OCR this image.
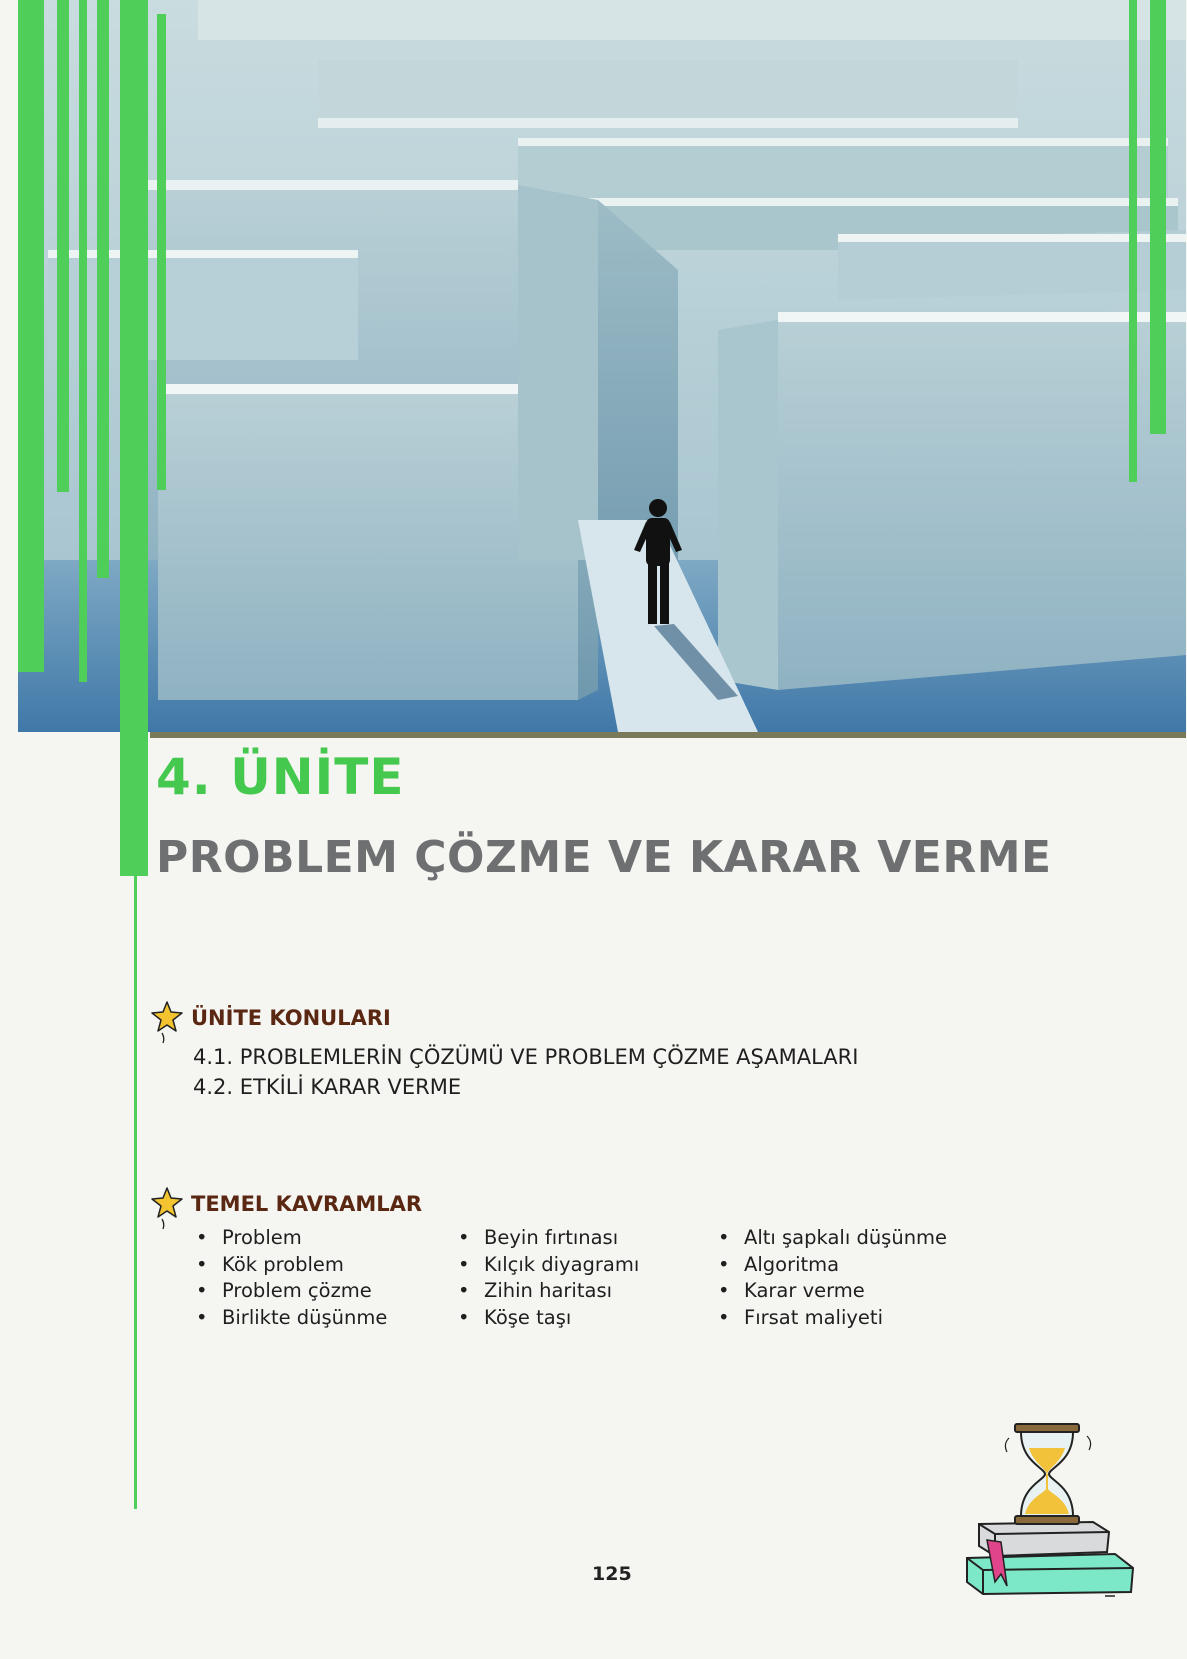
4. ÜNİTE
PROBLEM ÇÖZME VE KARAR VERME
ÜNİTE KONULARI
4.1. PROBLEMLERİN ÇÖZÜMÜ VE PROBLEM ÇÖZME AŞAMALARI
4.2. ETKİLİ KARAR VERME
TEMEL KAVRAMLAR
• Problem
• Kök problem
• Problem çözme
• Birlikte düşünme
• Beyin fırtınası
• Kılçık diyagramı
• Zihin haritası
• Köşe taşı
• Altı şapkalı düşünme
• Algoritma
• Karar verme
• Fırsat maliyeti

125
